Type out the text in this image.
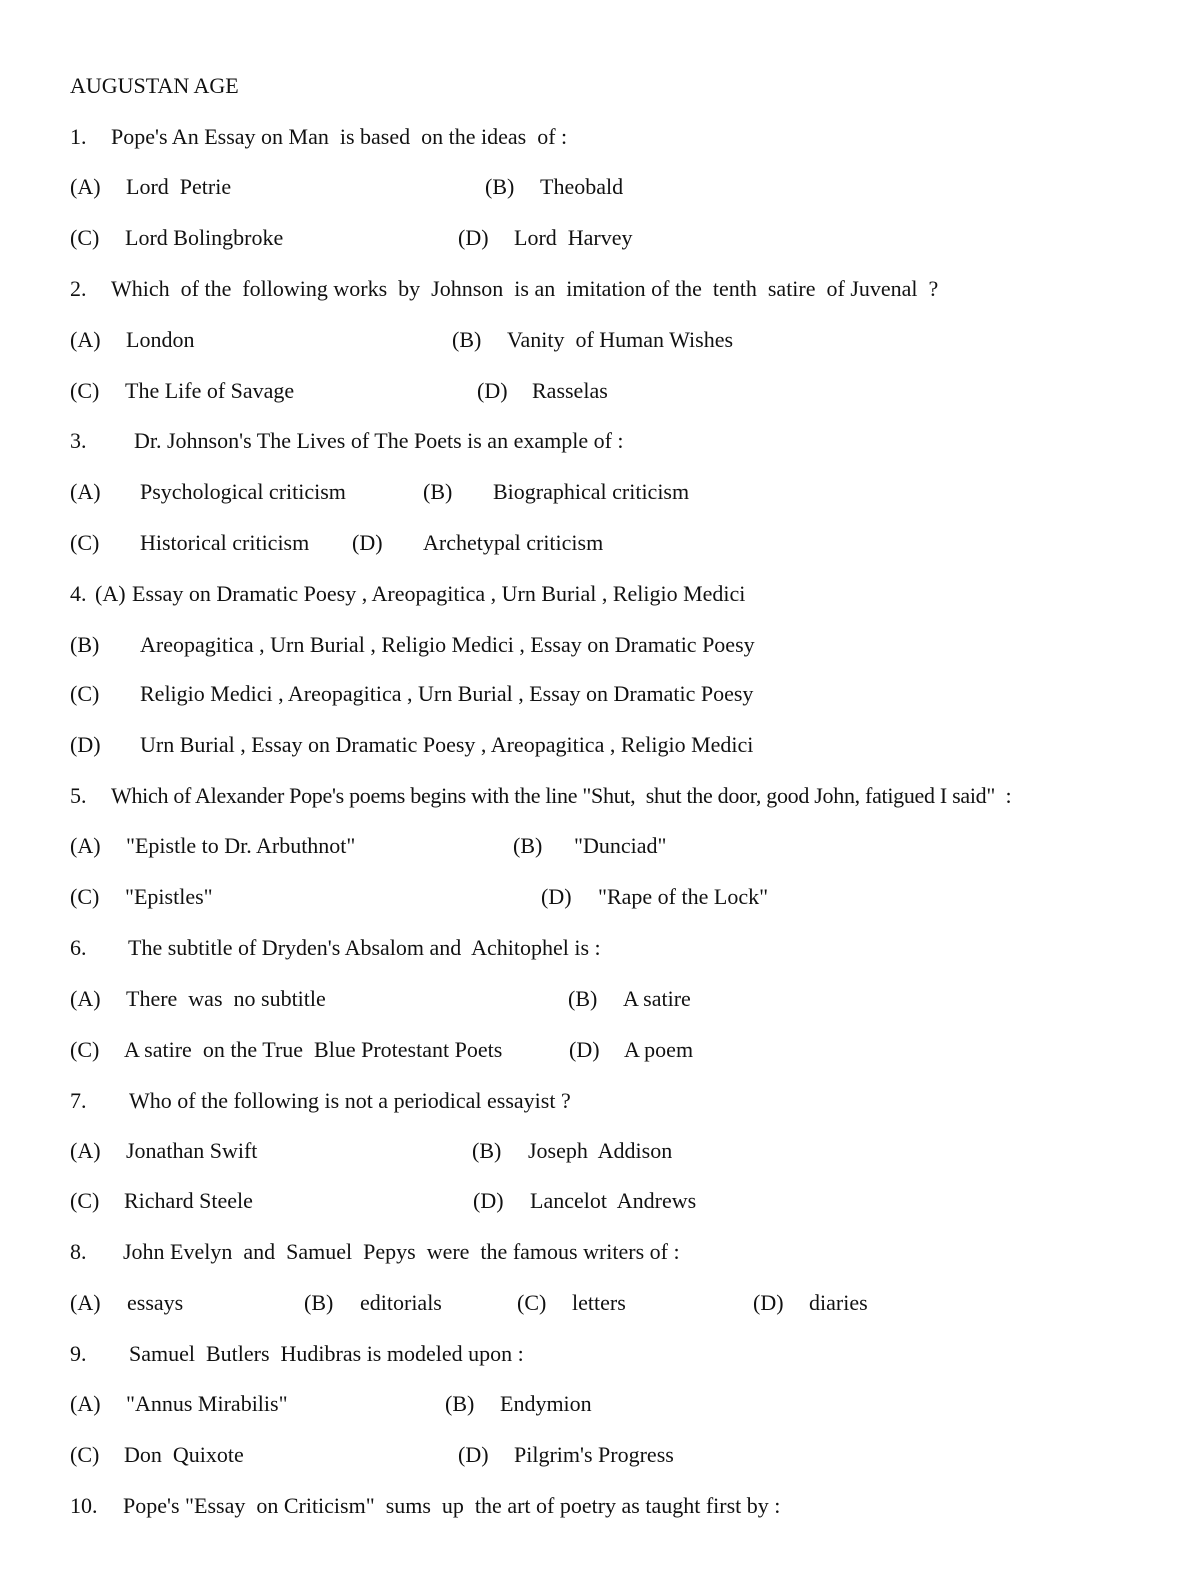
AUGUSTAN AGE

1.

Pope's An Essay on Man  is based  on the ideas  of :

(A)

Lord  Petrie

	(B)

Theobald

(C)

Lord Bolingbroke

	(D)

Lord  Harvey

2.

Which  of the  following works  by  Johnson  is an  imitation of the  tenth  satire  of Juvenal  ?

(A)

London

	(B)

Vanity  of Human Wishes

(C)

The Life of Savage

	(D)

Rasselas

3.

Dr. Johnson's The Lives of The Poets is an example of :

(A)

Psychological criticism

	(B)

Biographical criticism

(C)

Historical criticism

(D)

Archetypal criticism

4.

(A)

Essay on Dramatic Poesy , Areopagitica , Urn Burial , Religio Medici

(B)

Areopagitica , Urn Burial , Religio Medici , Essay on Dramatic Poesy

(C)

Religio Medici , Areopagitica , Urn Burial , Essay on Dramatic Poesy

(D)

Urn Burial , Essay on Dramatic Poesy , Areopagitica , Religio Medici

5.

Which of Alexander Pope's poems begins with the line "Shut,  shut the door, good John, fatigued I said"  :

(A)

"Epistle to Dr. Arbuthnot"

	(B)

"Dunciad"

(C)

"Epistles"

	(D)

"Rape of the Lock"

6.

The subtitle of Dryden's Absalom and  Achitophel is :

(A)

There  was  no subtitle

	(B)

A satire

(C)

A satire  on the True  Blue Protestant Poets

	(D)

A poem

7.

Who of the following is not a periodical essayist ?

(A)

Jonathan Swift

	(B)

Joseph  Addison

(C)

Richard Steele

	(D)

Lancelot  Andrews

8.

John Evelyn  and  Samuel  Pepys  were  the famous writers of :

(A)

essays

	(B)

editorials

	(C)

letters

	(D)

diaries

9.

Samuel  Butlers  Hudibras is modeled upon :

(A)

"Annus Mirabilis"

	(B)

Endymion

(C)

Don  Quixote

	(D)

Pilgrim's Progress

10.

Pope's "Essay  on Criticism"  sums  up  the art of poetry as taught first by :
